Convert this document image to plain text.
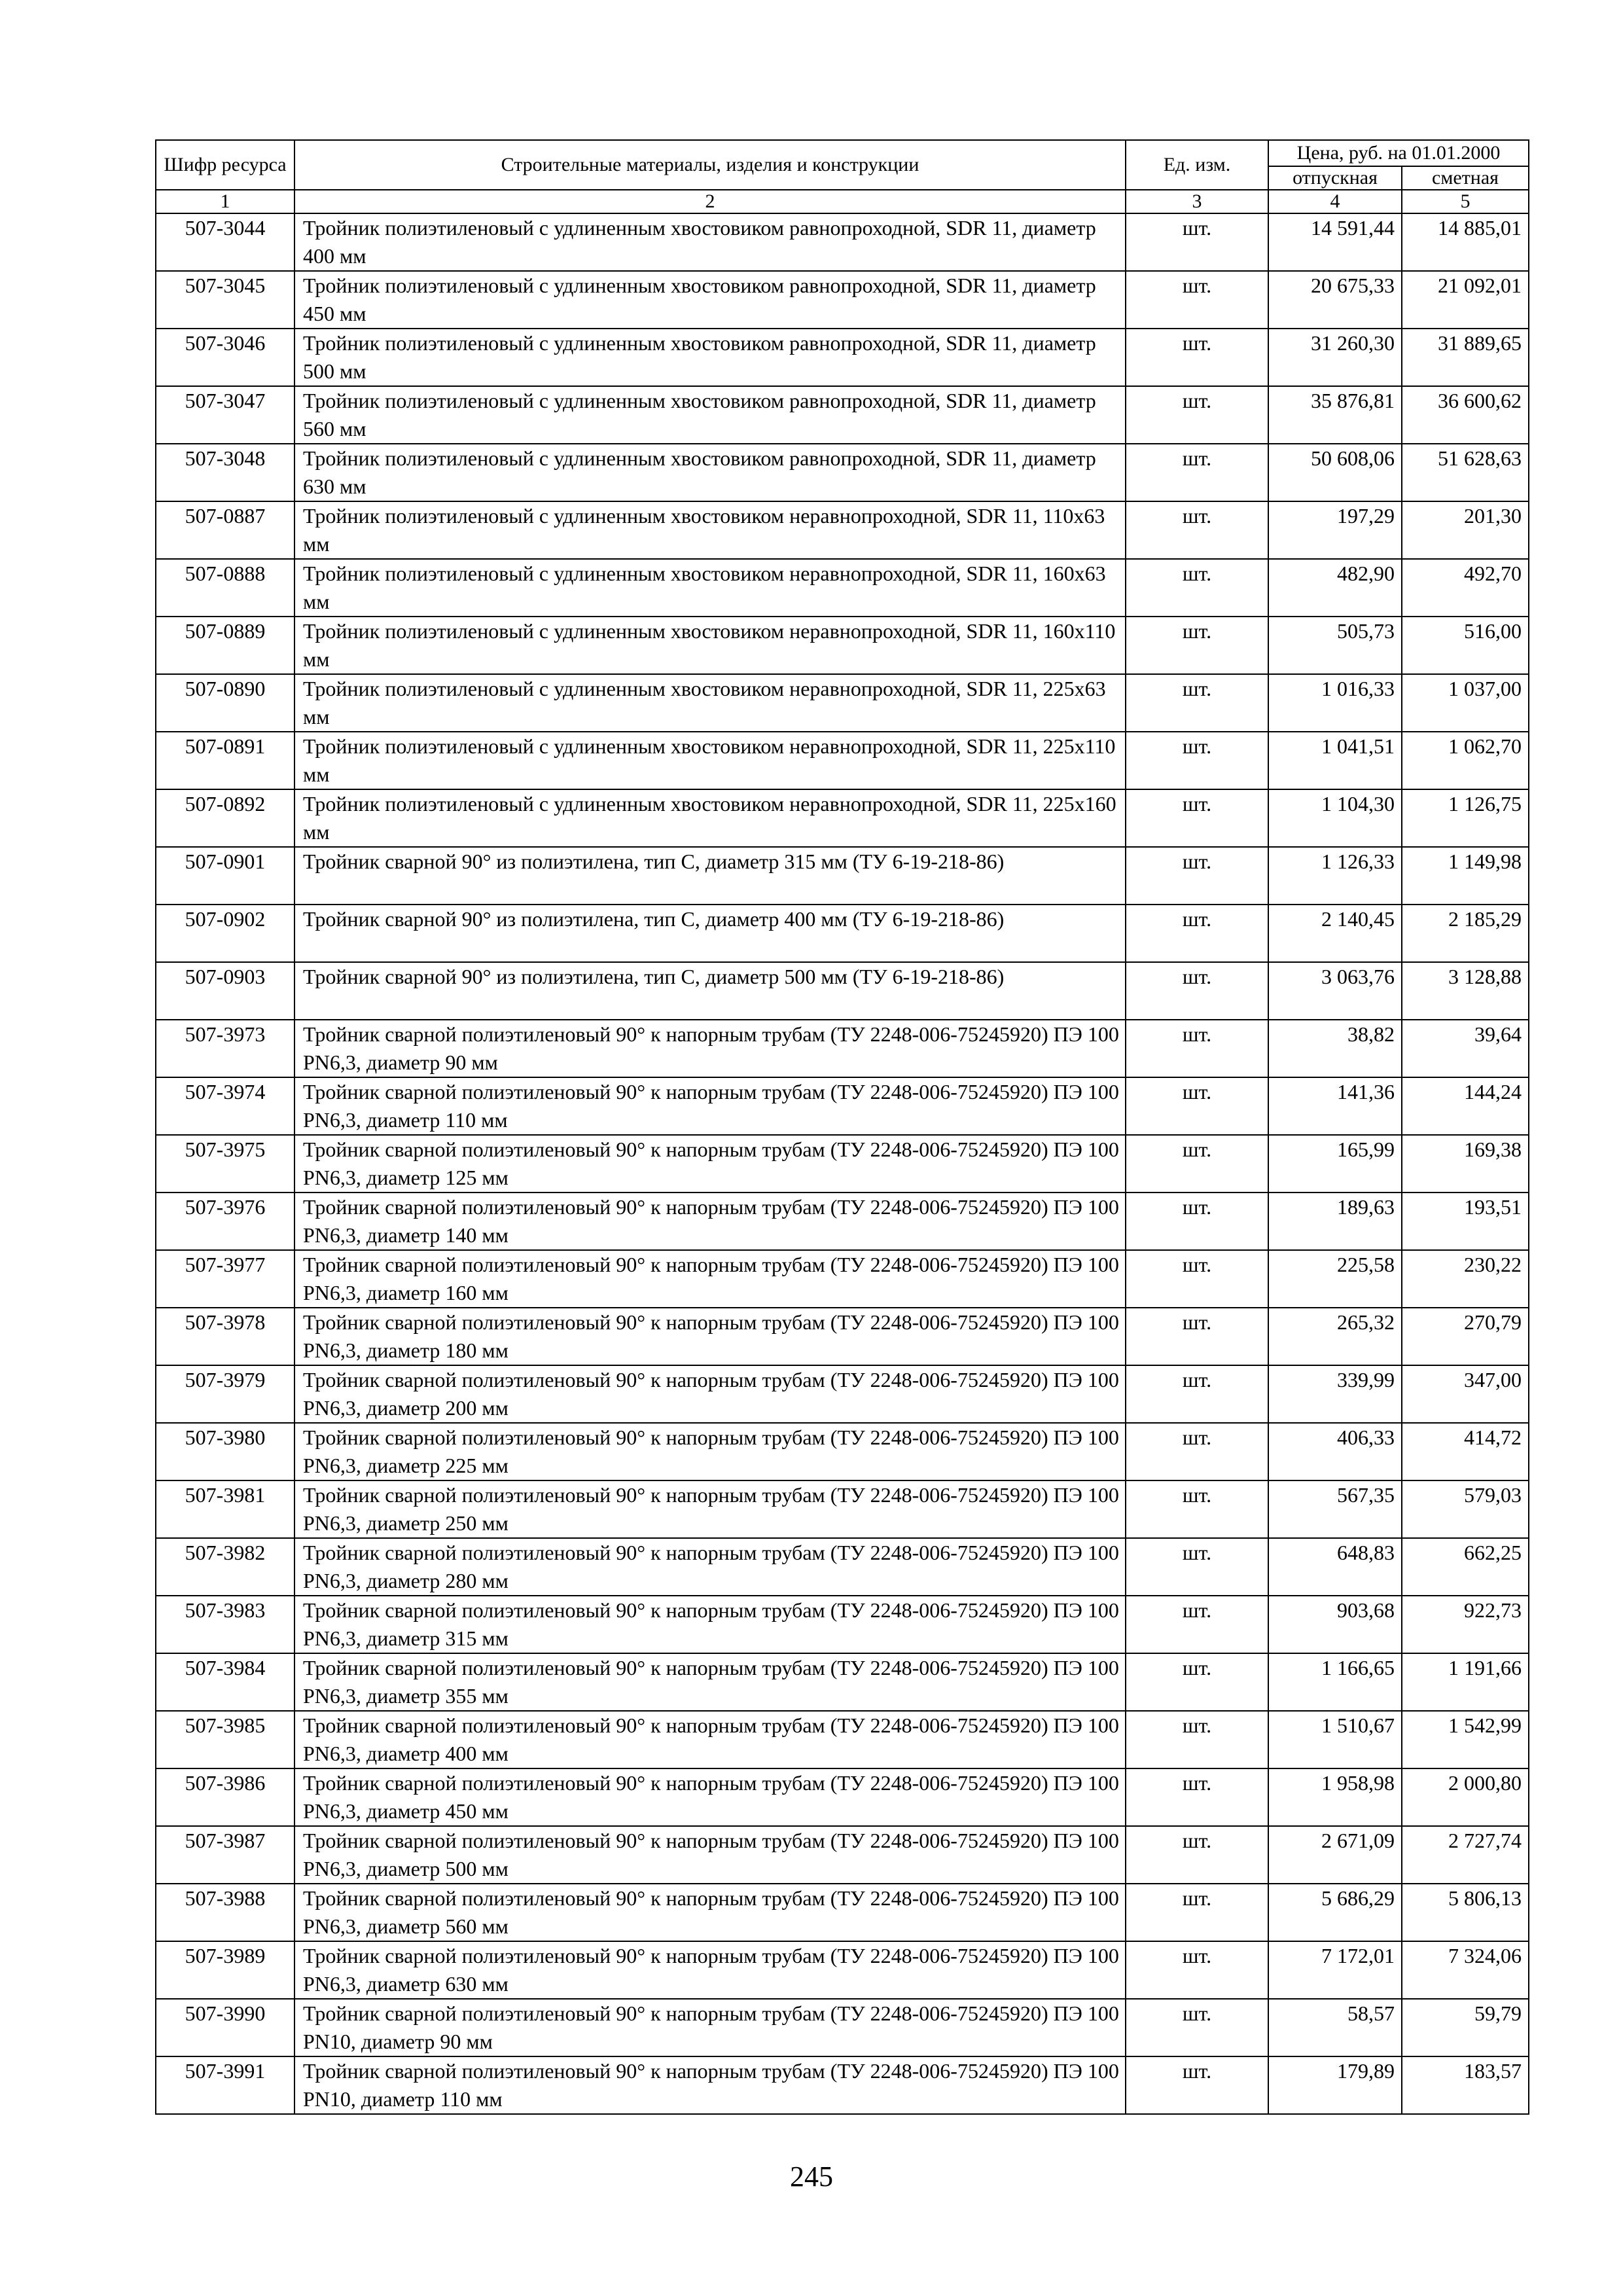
Шифр ресурса	Строительные материалы, изделия и конструкции	Ед. изм.	Цена, руб. на 01.01.2000	
			отпускная	сметная
1	2	3	4	5
507-3044	Тройник полиэтиленовый с удлиненным хвостовиком равнопроходной, SDR 11, диаметр 400 мм	шт.	14 591,44	14 885,01
507-3045	Тройник полиэтиленовый с удлиненным хвостовиком равнопроходной, SDR 11, диаметр 450 мм	шт.	20 675,33	21 092,01
507-3046	Тройник полиэтиленовый с удлиненным хвостовиком равнопроходной, SDR 11, диаметр 500 мм	шт.	31 260,30	31 889,65
507-3047	Тройник полиэтиленовый с удлиненным хвостовиком равнопроходной, SDR 11, диаметр 560 мм	шт.	35 876,81	36 600,62
507-3048	Тройник полиэтиленовый с удлиненным хвостовиком равнопроходной, SDR 11, диаметр 630 мм	шт.	50 608,06	51 628,63
507-0887	Тройник полиэтиленовый с удлиненным хвостовиком неравнопроходной, SDR 11, 110х63 мм	шт.	197,29	201,30
507-0888	Тройник полиэтиленовый с удлиненным хвостовиком неравнопроходной, SDR 11, 160х63 мм	шт.	482,90	492,70
507-0889	Тройник полиэтиленовый с удлиненным хвостовиком неравнопроходной, SDR 11, 160х110 мм	шт.	505,73	516,00
507-0890	Тройник полиэтиленовый с удлиненным хвостовиком неравнопроходной, SDR 11, 225х63 мм	шт.	1 016,33	1 037,00
507-0891	Тройник полиэтиленовый с удлиненным хвостовиком неравнопроходной, SDR 11, 225х110 мм	шт.	1 041,51	1 062,70
507-0892	Тройник полиэтиленовый с удлиненным хвостовиком неравнопроходной, SDR 11, 225х160 мм	шт.	1 104,30	1 126,75
507-0901	Тройник сварной 90° из полиэтилена, тип С, диаметр 315 мм (ТУ 6-19-218-86)	шт.	1 126,33	1 149,98
507-0902	Тройник сварной 90° из полиэтилена, тип С, диаметр 400 мм (ТУ 6-19-218-86)	шт.	2 140,45	2 185,29
507-0903	Тройник сварной 90° из полиэтилена, тип С, диаметр 500 мм (ТУ 6-19-218-86)	шт.	3 063,76	3 128,88
507-3973	Тройник сварной полиэтиленовый 90° к напорным трубам (ТУ 2248-006-75245920) ПЭ 100 PN6,3, диаметр 90 мм	шт.	38,82	39,64
507-3974	Тройник сварной полиэтиленовый 90° к напорным трубам (ТУ 2248-006-75245920) ПЭ 100 PN6,3, диаметр 110 мм	шт.	141,36	144,24
507-3975	Тройник сварной полиэтиленовый 90° к напорным трубам (ТУ 2248-006-75245920) ПЭ 100 PN6,3, диаметр 125 мм	шт.	165,99	169,38
507-3976	Тройник сварной полиэтиленовый 90° к напорным трубам (ТУ 2248-006-75245920) ПЭ 100 PN6,3, диаметр 140 мм	шт.	189,63	193,51
507-3977	Тройник сварной полиэтиленовый 90° к напорным трубам (ТУ 2248-006-75245920) ПЭ 100 PN6,3, диаметр 160 мм	шт.	225,58	230,22
507-3978	Тройник сварной полиэтиленовый 90° к напорным трубам (ТУ 2248-006-75245920) ПЭ 100 PN6,3, диаметр 180 мм	шт.	265,32	270,79
507-3979	Тройник сварной полиэтиленовый 90° к напорным трубам (ТУ 2248-006-75245920) ПЭ 100 PN6,3, диаметр 200 мм	шт.	339,99	347,00
507-3980	Тройник сварной полиэтиленовый 90° к напорным трубам (ТУ 2248-006-75245920) ПЭ 100 PN6,3, диаметр 225 мм	шт.	406,33	414,72
507-3981	Тройник сварной полиэтиленовый 90° к напорным трубам (ТУ 2248-006-75245920) ПЭ 100 PN6,3, диаметр 250 мм	шт.	567,35	579,03
507-3982	Тройник сварной полиэтиленовый 90° к напорным трубам (ТУ 2248-006-75245920) ПЭ 100 PN6,3, диаметр 280 мм	шт.	648,83	662,25
507-3983	Тройник сварной полиэтиленовый 90° к напорным трубам (ТУ 2248-006-75245920) ПЭ 100 PN6,3, диаметр 315 мм	шт.	903,68	922,73
507-3984	Тройник сварной полиэтиленовый 90° к напорным трубам (ТУ 2248-006-75245920) ПЭ 100 PN6,3, диаметр 355 мм	шт.	1 166,65	1 191,66
507-3985	Тройник сварной полиэтиленовый 90° к напорным трубам (ТУ 2248-006-75245920) ПЭ 100 PN6,3, диаметр 400 мм	шт.	1 510,67	1 542,99
507-3986	Тройник сварной полиэтиленовый 90° к напорным трубам (ТУ 2248-006-75245920) ПЭ 100 PN6,3, диаметр 450 мм	шт.	1 958,98	2 000,80
507-3987	Тройник сварной полиэтиленовый 90° к напорным трубам (ТУ 2248-006-75245920) ПЭ 100 PN6,3, диаметр 500 мм	шт.	2 671,09	2 727,74
507-3988	Тройник сварной полиэтиленовый 90° к напорным трубам (ТУ 2248-006-75245920) ПЭ 100 PN6,3, диаметр 560 мм	шт.	5 686,29	5 806,13
507-3989	Тройник сварной полиэтиленовый 90° к напорным трубам (ТУ 2248-006-75245920) ПЭ 100 PN6,3, диаметр 630 мм	шт.	7 172,01	7 324,06
507-3990	Тройник сварной полиэтиленовый 90° к напорным трубам (ТУ 2248-006-75245920) ПЭ 100 PN10, диаметр 90 мм	шт.	58,57	59,79
507-3991	Тройник сварной полиэтиленовый 90° к напорным трубам (ТУ 2248-006-75245920) ПЭ 100 PN10, диаметр 110 мм	шт.	179,89	183,57
245
